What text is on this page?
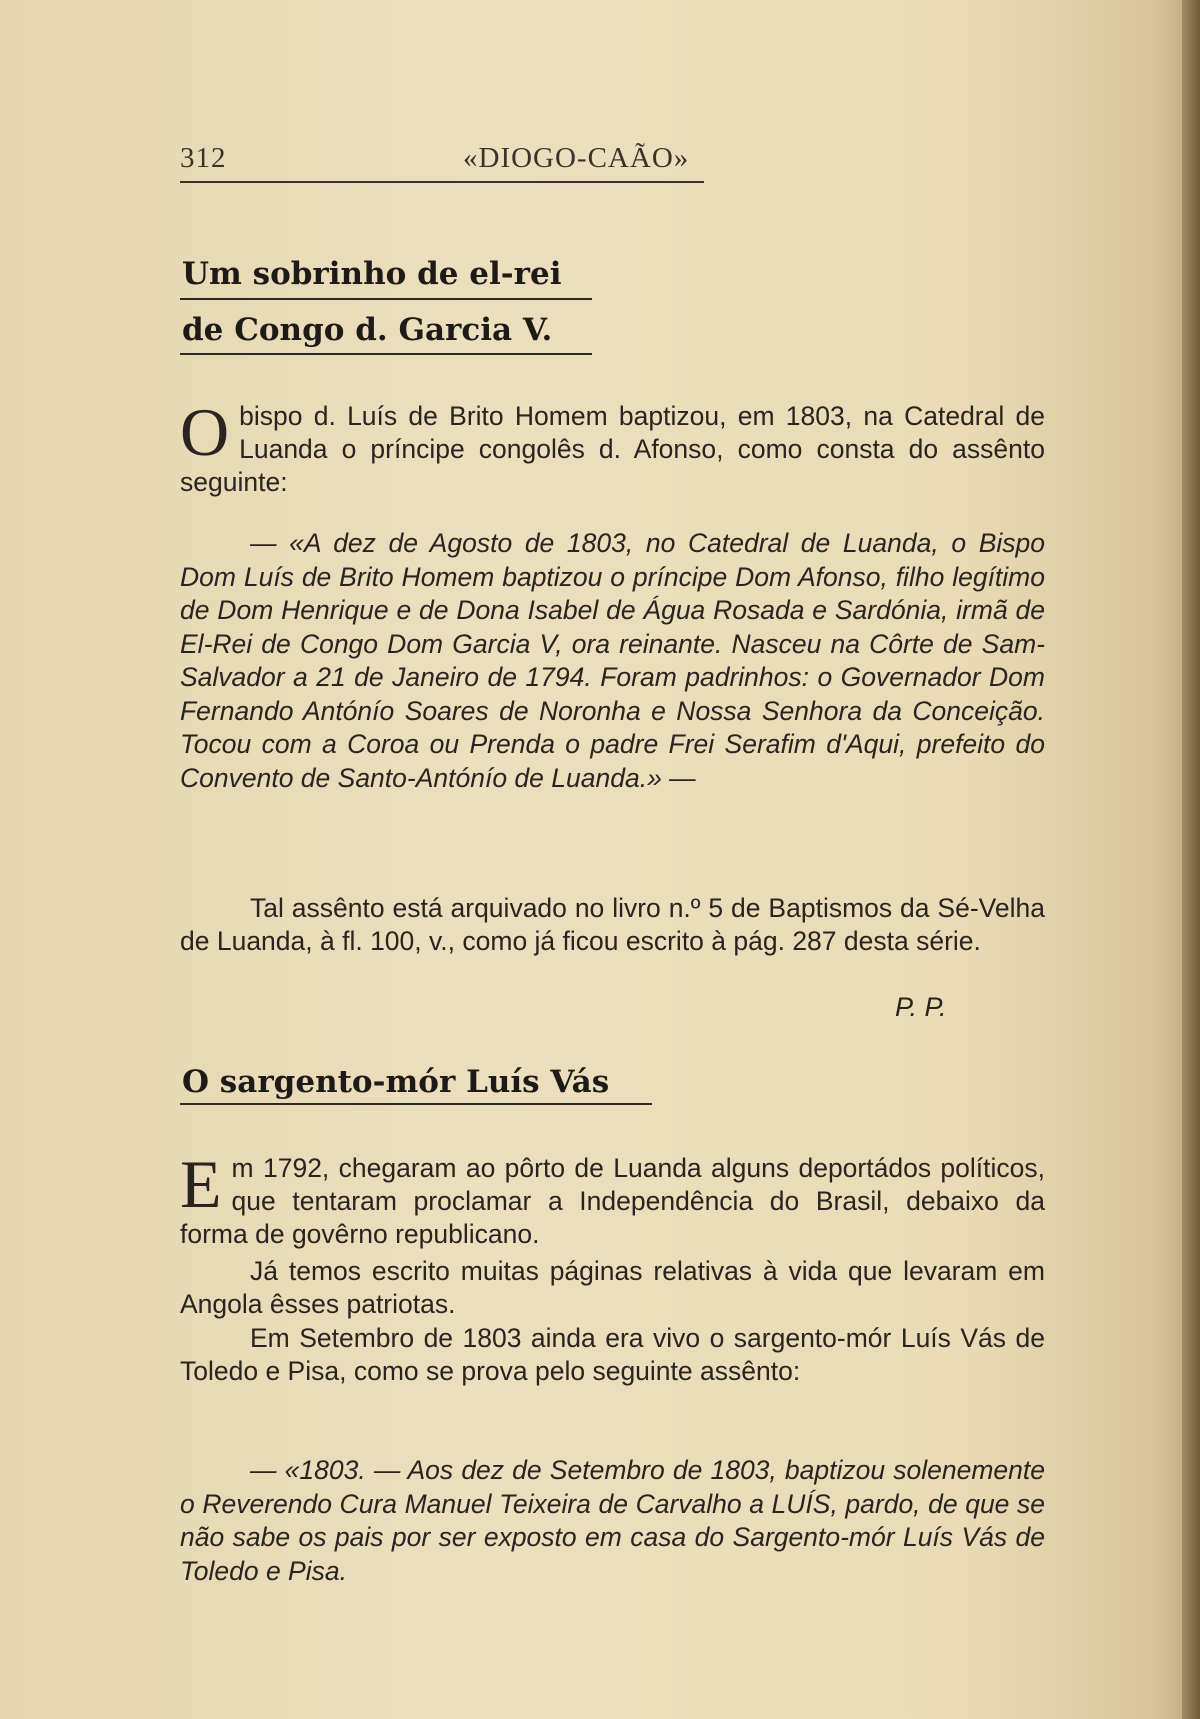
312	«DIOGO-CAÃO»
Um sobrinho de el-rei
de Congo d. Garcia V.
Obispo d. Luís de Brito Homem baptizou, em 1803, na Catedral de Luanda o príncipe congolês d. Afonso, como consta do assênto seguinte:
— «A dez de Agosto de 1803, no Catedral de Luanda, o Bispo Dom Luís de Brito Homem baptizou o príncipe Dom Afonso, filho legítimo de Dom Henrique e de Dona Isabel de Água Rosada e Sardónia, irmã de El-Rei de Congo Dom Garcia V, ora reinante. Nasceu na Côrte de Sam-Salvador a 21 de Janeiro de 1794. Foram padrinhos: o Governador Dom Fernando Antónío Soares de Noronha e Nossa Senhora da Conceição. Tocou com a Coroa ou Prenda o padre Frei Serafim d'Aqui, prefeito do Convento de Santo-Antónío de Luanda.» —
Tal assênto está arquivado no livro n.º 5 de Baptismos da Sé-Velha de Luanda, à fl. 100, v., como já ficou escrito à pág. 287 desta série.
P. P.
O sargento-mór Luís Vás
Em 1792, chegaram ao pôrto de Luanda alguns deportádos políticos, que tentaram proclamar a Independência do Brasil, debaixo da forma de govêrno republicano.
Já temos escrito muitas páginas relativas à vida que levaram em Angola êsses patriotas.
Em Setembro de 1803 ainda era vivo o sargento-mór Luís Vás de Toledo e Pisa, como se prova pelo seguinte assênto:
— «1803. — Aos dez de Setembro de 1803, baptizou solenemente o Reverendo Cura Manuel Teixeira de Carvalho a LUÍS, pardo, de que se não sabe os pais por ser exposto em casa do Sargento-mór Luís Vás de Toledo e Pisa.
